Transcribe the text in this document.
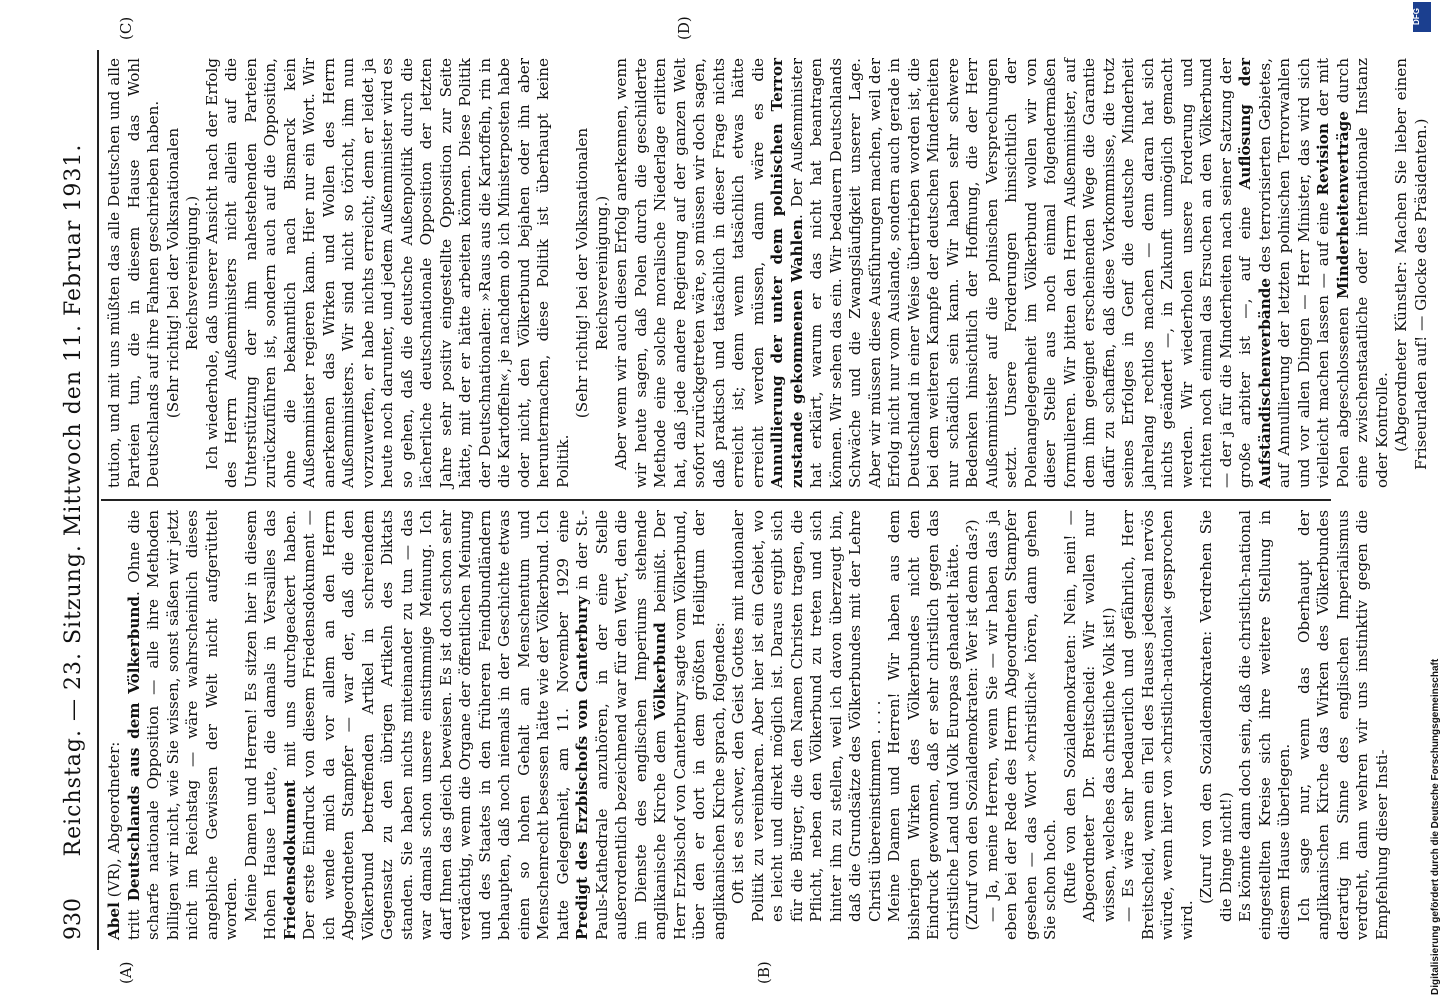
930
Reichstag. — 23. Sitzung. Mittwoch den 11. Februar 1931.
(A)	(B)
(C)	(D)

Abel (VR), Abgeordneter:

tritt Deutschlands aus dem Völkerbund. Ohne die scharfe nationale Opposition — alle ihre Methoden billigen wir nicht, wie Sie wissen, sonst säßen wir jetzt nicht im Reichstag — wäre wahrscheinlich dieses angebliche Gewissen der Welt nicht aufgerüttelt worden. Meine Damen und Herren! Es sitzen hier in diesem Hohen Hause Leute, die damals in Versailles das Friedensdokument mit uns durchgeackert haben. Der erste Eindruck von diesem Friedensdokument — ich wende mich da vor allem an den Herrn Abgeordneten Stampfer — war der, daß die den Völkerbund betreffenden Artikel in schreiendem Gegensatz zu den übrigen Artikeln des Diktats standen. Sie haben nichts miteinander zu tun — das war damals schon unsere einstimmige Meinung. Ich darf Ihnen das gleich beweisen. Es ist doch schon sehr verdächtig, wenn die Organe der öffentlichen Meinung und des Staates in den früheren Feindbundländern behaupten, daß noch niemals in der Geschichte etwas einen so hohen Gehalt an Menschentum und Menschenrecht besessen hätte wie der Völkerbund. Ich hatte Gelegenheit, am 11. November 1929 eine Predigt des Erzbischofs von Canterbury in der St.-Pauls-Kathedrale anzuhören, in der eine Stelle außerordentlich bezeichnend war für den Wert, den die im Dienste des englischen Imperiums stehende anglikanische Kirche dem Völkerbund beimißt. Der Herr Erzbischof von Canterbury sagte vom Völkerbund, über den er dort in dem größten Heiligtum der anglikanischen Kirche sprach, folgendes: Oft ist es schwer, den Geist Gottes mit nationaler Politik zu vereinbaren. Aber hier ist ein Gebiet, wo es leicht und direkt möglich ist. Daraus ergibt sich für die Bürger, die den Namen Christen tragen, die Pflicht, neben den Völkerbund zu treten und sich hinter ihn zu stellen, weil ich davon überzeugt bin, daß die Grundsätze des Völkerbundes mit der Lehre Christi übereinstimmen . . . . Meine Damen und Herren! Wir haben aus dem bisherigen Wirken des Völkerbundes nicht den Eindruck gewonnen, daß er sehr christlich gegen das christliche Land und Volk Europas gehandelt hätte. (Zuruf von den Sozialdemokraten: Wer ist denn das?) — Ja, meine Herren, wenn Sie — wir haben das ja eben bei der Rede des Herrn Abgeordneten Stampfer gesehen — das Wort »christlich« hören, dann gehen Sie schon hoch. (Rufe von den Sozialdemokraten: Nein, nein! — Abgeordneter Dr. Breitscheid: Wir wollen nur wissen, welches das christliche Volk ist!) — Es wäre sehr bedauerlich und gefährlich, Herr Breitscheid, wenn ein Teil des Hauses jedesmal nervös würde, wenn hier von »christlich-national« gesprochen wird.

(Zuruf von den Sozialdemokraten: Verdrehen Sie die Dinge nicht!) Es könnte dann doch sein, daß die christlich-national eingestellten Kreise sich ihre weitere Stellung in diesem Hause überlegen. Ich sage nur, wenn das Oberhaupt der anglikanischen Kirche das Wirken des Völkerbundes derartig im Sinne des englischen Imperialismus verdreht, dann wehren wir uns instinktiv gegen die Empfehlung dieser Insti-

tution, und mit uns müßten das alle Deutschen und alle Parteien tun, die in diesem Hause das Wohl Deutschlands auf ihre Fahnen geschrieben haben. (Sehr richtig! bei der Volksnationalen Reichsvereinigung.) Ich wiederhole, daß unserer Ansicht nach der Erfolg des Herrn Außenministers nicht allein auf die Unterstützung der ihm nahestehenden Parteien zurückzuführen ist, sondern auch auf die Opposition, ohne die bekanntlich nach Bismarck kein Außenminister regieren kann. Hier nur ein Wort. Wir anerkennen das Wirken und Wollen des Herrn Außenministers. Wir sind nicht so töricht, ihm nun vorzuwerfen, er habe nichts erreicht; denn er leidet ja heute noch darunter, und jedem Außenminister wird es so gehen, daß die deutsche Außenpolitik durch die lächerliche deutschnationale Opposition der letzten Jahre sehr positiv eingestellte Opposition zur Seite hätte, mit der er hätte arbeiten können. Diese Politik der Deutschnationalen: »Raus aus die Kartoffeln, rin in die Kartoffeln«, je nachdem ob ich Ministerposten habe oder nicht, den Völkerbund bejahen oder ihn aber heruntermachen, diese Politik ist überhaupt keine Politik.

(Sehr richtig! bei der Volksnationalen Reichsvereinigung.) Aber wenn wir auch diesen Erfolg anerkennen, wenn wir heute sagen, daß Polen durch die geschilderte Methode eine solche moralische Niederlage erlitten hat, daß jede andere Regierung auf der ganzen Welt sofort zurückgetreten wäre, so müssen wir doch sagen, daß praktisch und tatsächlich in dieser Frage nichts erreicht ist; denn wenn tatsächlich etwas hätte erreicht werden müssen, dann wäre es die Annullierung der unter dem polnischen Terror zustande gekommenen Wahlen. Der Außenminister hat erklärt, warum er das nicht hat beantragen können. Wir sehen das ein. Wir bedauern Deutschlands Schwäche und die Zwangsläufigkeit unserer Lage. Aber wir müssen diese Ausführungen machen, weil der Erfolg nicht nur vom Auslande, sondern auch gerade in Deutschland in einer Weise übertrieben worden ist, die bei dem weiteren Kampfe der deutschen Minderheiten nur schädlich sein kann. Wir haben sehr schwere Bedenken hinsichtlich der Hoffnung, die der Herr Außenminister auf die polnischen Versprechungen setzt. Unsere Forderungen hinsichtlich der Polenangelegenheit im Völkerbund wollen wir von dieser Stelle aus noch einmal folgendermaßen formulieren. Wir bitten den Herrn Außenminister, auf dem ihm geeignet erscheinenden Wege die Garantie dafür zu schaffen, daß diese Vorkommnisse, die trotz seines Erfolges in Genf die deutsche Minderheit jahrelang rechtlos machen — denn daran hat sich nichts geändert —, in Zukunft unmöglich gemacht werden. Wir wiederholen unsere Forderung und richten noch einmal das Ersuchen an den Völkerbund — der ja für die Minderheiten nach seiner Satzung der große arbiter ist —, auf eine Auflösung der Aufständischenverbände des terrorisierten Gebietes, auf Annullierung der letzten polnischen Terrorwahlen und vor allen Dingen — Herr Minister, das wird sich vielleicht machen lassen — auf eine Revision der mit Polen abgeschlossenen Minderheitenverträge durch eine zwischenstaatliche oder internationale Instanz oder Kontrolle. (Abgeordneter Künstler: Machen Sie lieber einen Friseurladen auf! — Glocke des Präsidenten.)

Digitalisierung gefördert durch die Deutsche Forschungsgemeinschaft
DFG
